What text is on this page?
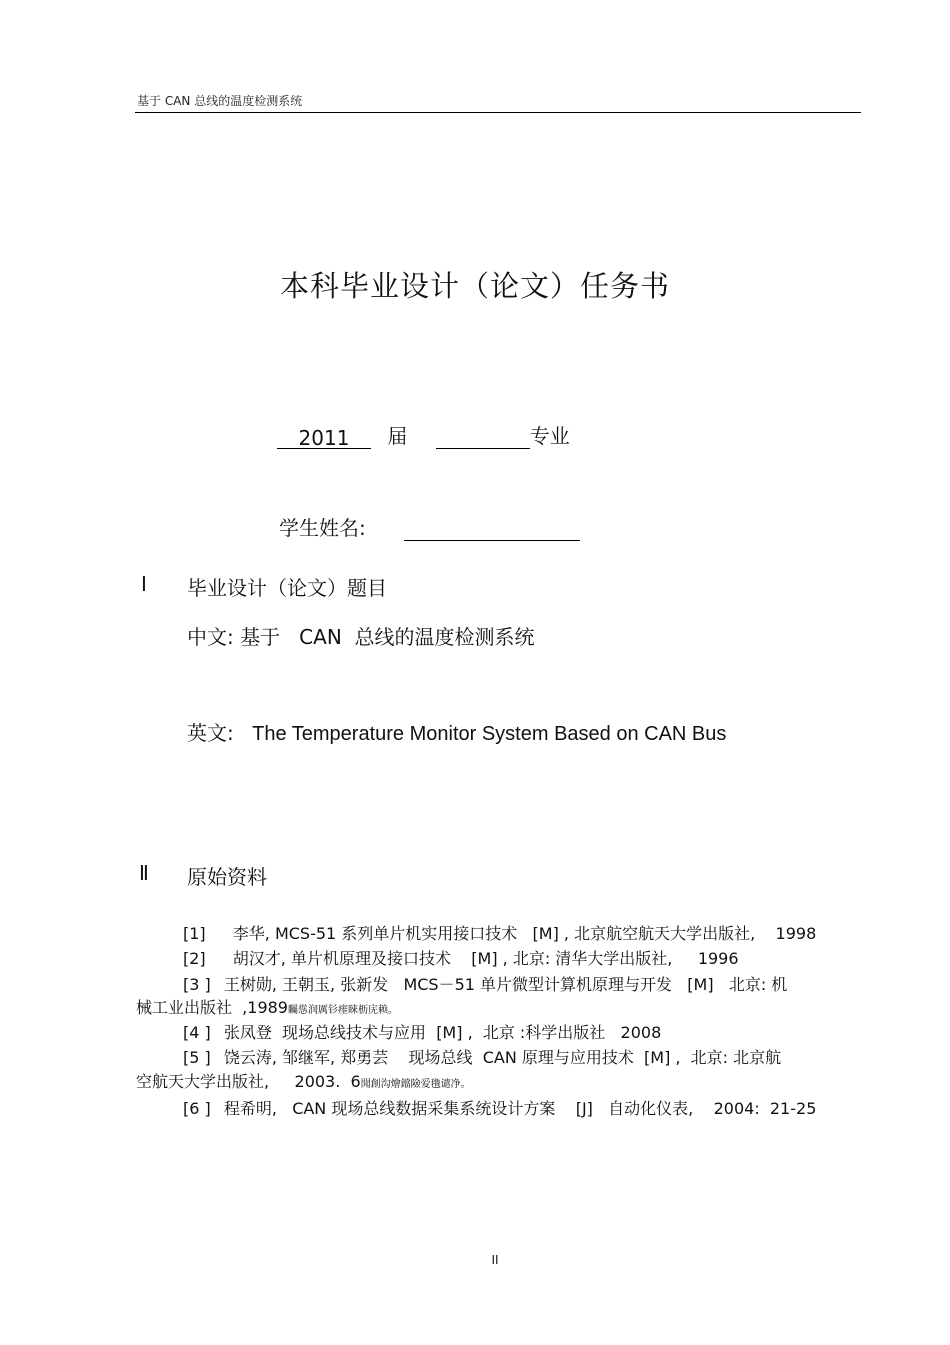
基于 CAN 总线的温度检测系统
本科毕业设计（论文）任务书
2011 届	专业
学生姓名:
Ⅰ 毕业设计（论文）题目
中文: 基于   CAN  总线的温度检测系统
英文: The Temperature Monitor System Based on CAN Bus
Ⅱ 原始资料
[1] 李华, MCS-51 系列单片机实用接口技术   [M] , 北京航空航天大学出版社,    1998
[2] 胡汉才, 单片机原理及接口技术    [M] , 北京: 清华大学出版社,     1996
[3 ] 王树勋, 王朝玉, 张新发   MCS－51 单片微型计算机原理与开发   [M]   北京: 机
械工业出版社  ,1989矚慫润厲钐瘗睞枥庑赖。
[4 ] 张凤登  现场总线技术与应用  [M] ,  北京 :科学出版社   2008
[5 ] 饶云涛, 邹继军, 郑勇芸    现场总线  CAN 原理与应用技术  [M] ,  北京: 北京航
空航天大学出版社,     2003.  6聞創沟燴鐺險爱氇谴净。
[6 ] 程希明,   CAN 现场总线数据采集系统设计方案    [J]   自动化仪表,    2004:  21-25
II
